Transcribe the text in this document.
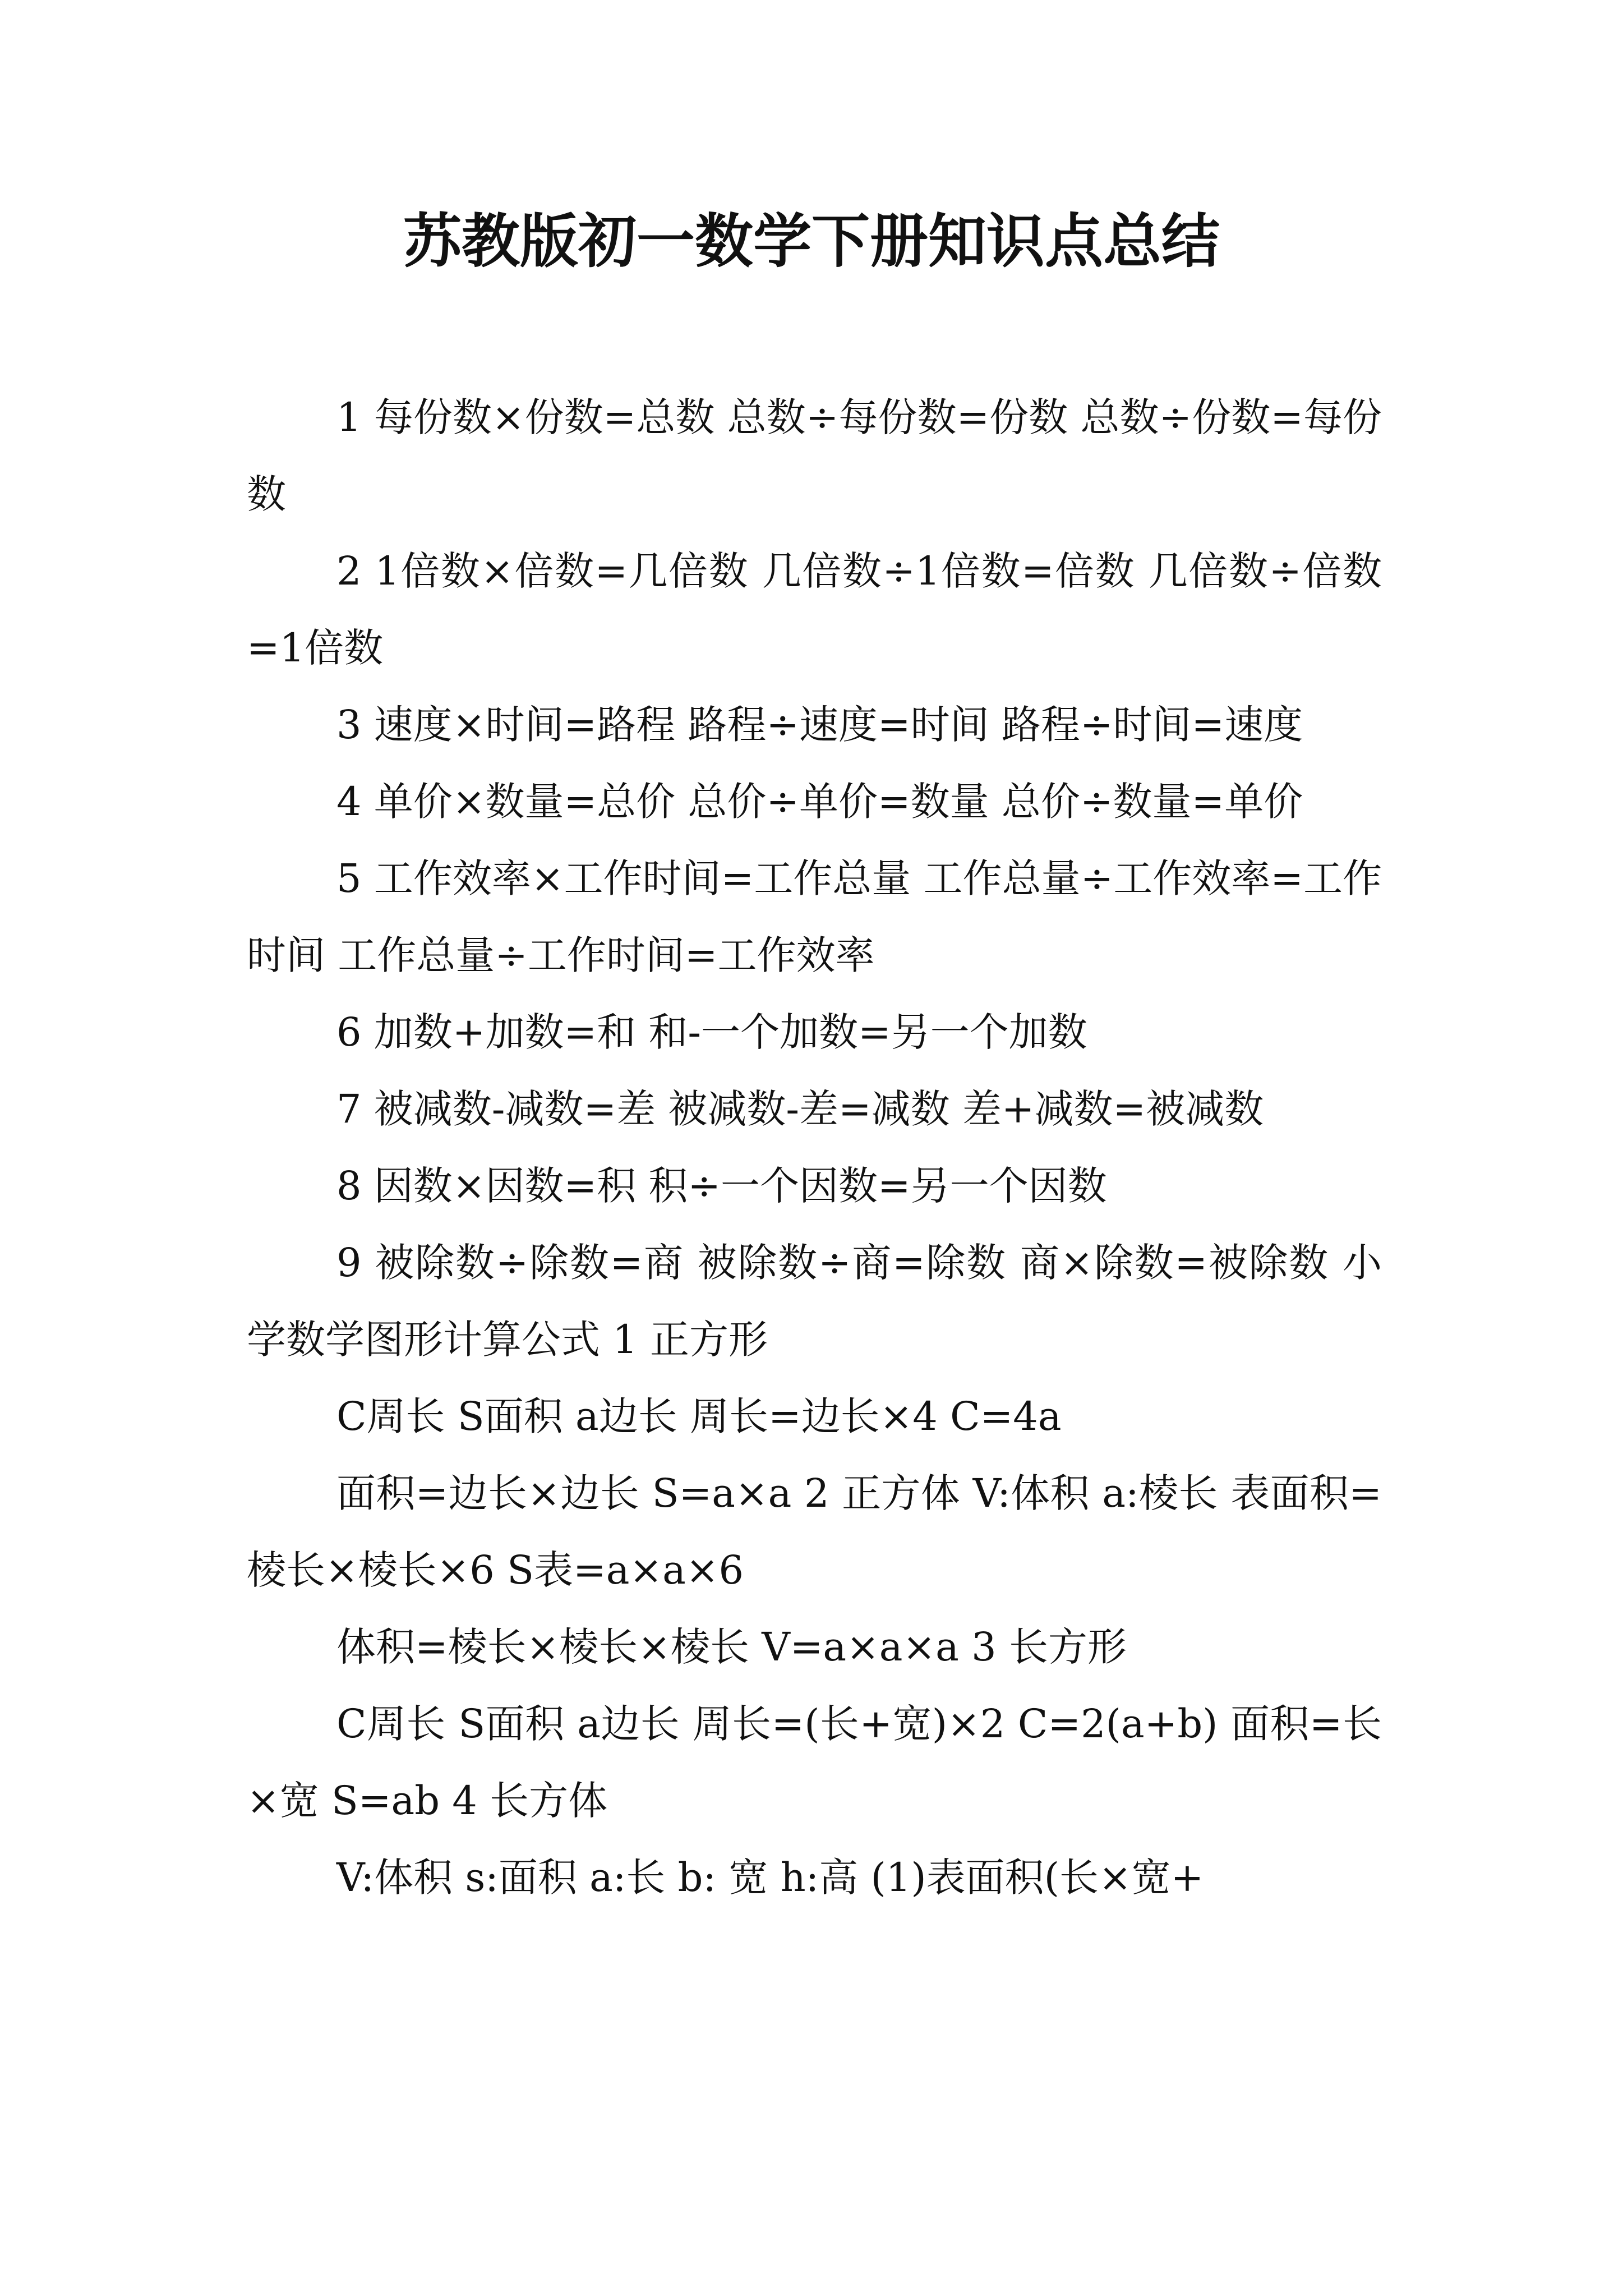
苏教版初一数学下册知识点总结

1 每份数×份数=总数 总数÷每份数=份数 总数÷份数=每份数

2 1倍数×倍数=几倍数 几倍数÷1倍数=倍数 几倍数÷倍数=1倍数

3 速度×时间=路程 路程÷速度=时间 路程÷时间=速度

4 单价×数量=总价 总价÷单价=数量 总价÷数量=单价

5 工作效率×工作时间=工作总量 工作总量÷工作效率=工作时间 工作总量÷工作时间=工作效率

6 加数+加数=和 和-一个加数=另一个加数

7 被减数-减数=差 被减数-差=减数 差+减数=被减数

8 因数×因数=积 积÷一个因数=另一个因数

9 被除数÷除数=商 被除数÷商=除数 商×除数=被除数 小学数学图形计算公式 1 正方形

C周长 S面积 a边长 周长=边长×4 C=4a

面积=边长×边长 S=a×a 2 正方体 V:体积 a:棱长 表面积=棱长×棱长×6 S表=a×a×6

体积=棱长×棱长×棱长 V=a×a×a 3 长方形

C周长 S面积 a边长 周长=(长+宽)×2 C=2(a+b) 面积=长×宽 S=ab 4 长方体

V:体积 s:面积 a:长 b: 宽 h:高 (1)表面积(长×宽+
